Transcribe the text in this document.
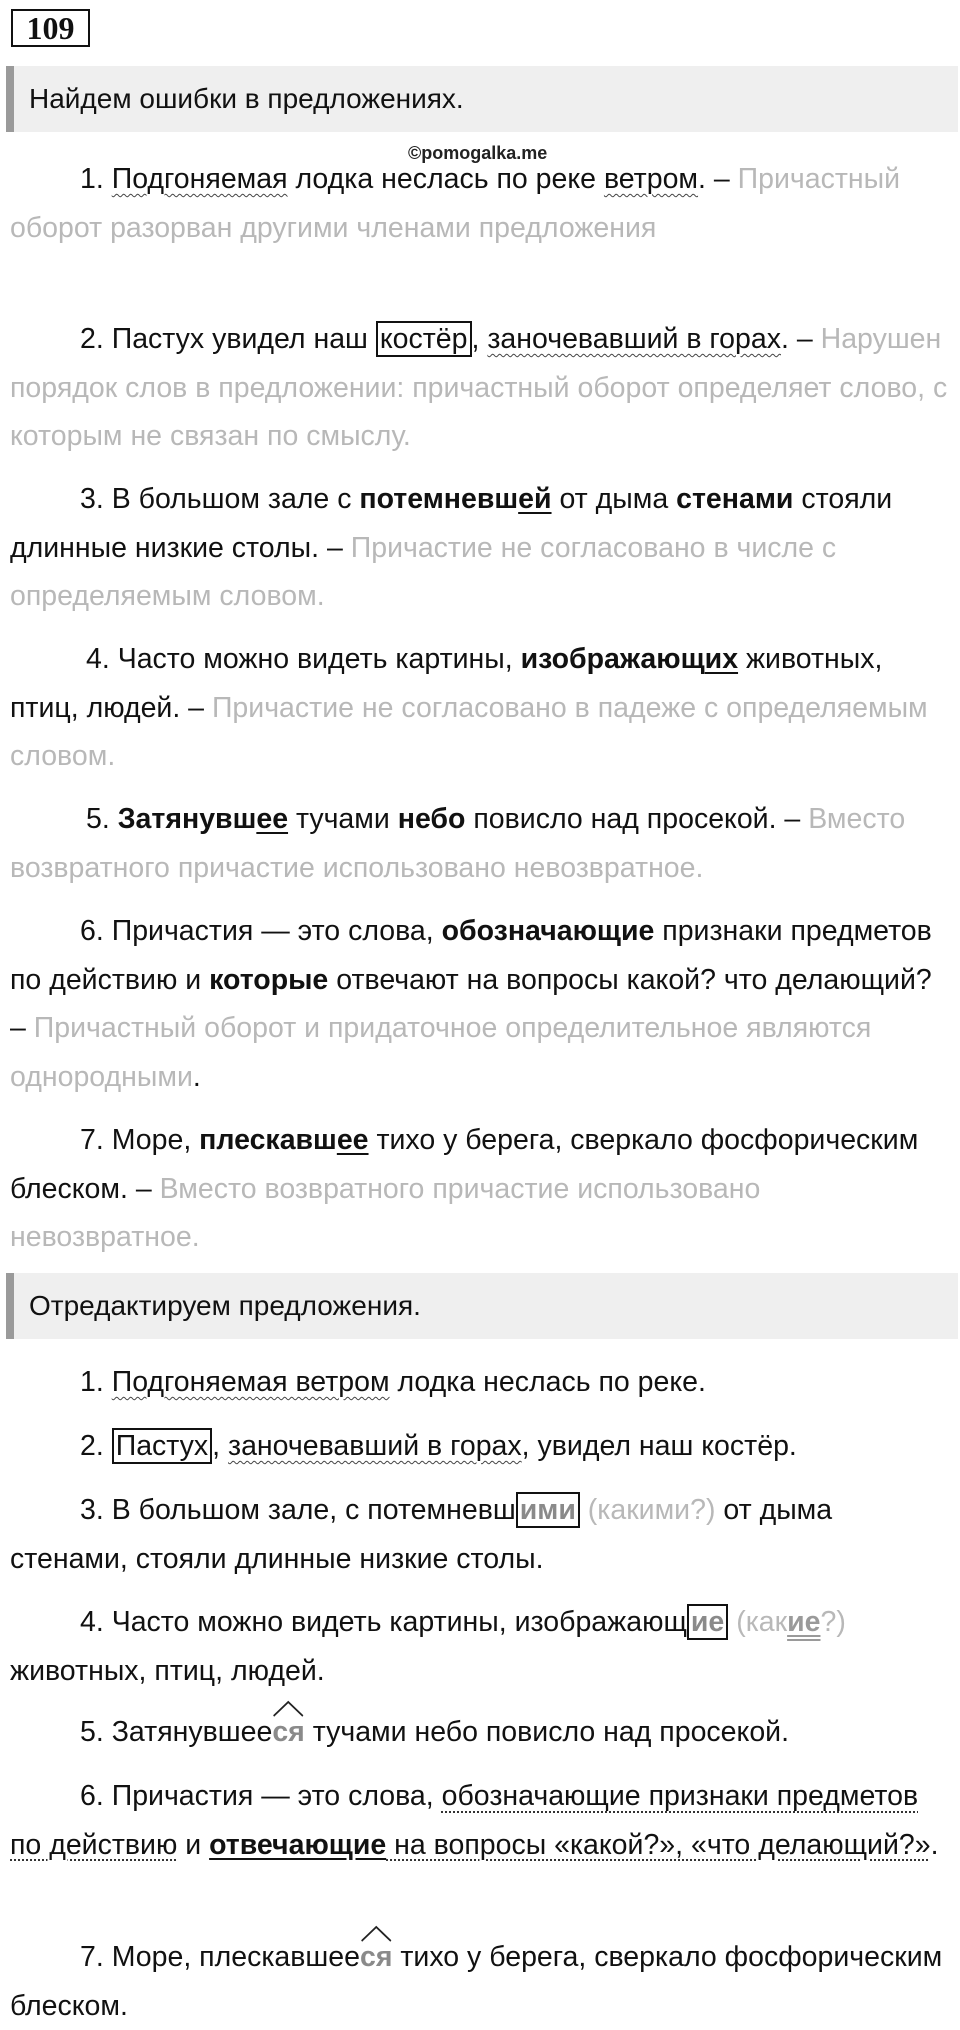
109
Найдем ошибки в предложениях.
©pomogalka.me

1. Подгоняемая лодка неслась по реке ветром. – Причастный оборот разорван другими членами предложения

2. Пастух увидел наш костёр , заночевавший в горах. – Нарушен порядок слов в предложении: причастный оборот определяет слово, с которым не связан по смыслу.

3. В большом зале с потемневшей от дыма стенами стояли длинные низкие столы. – Причастие не согласовано в числе с определяемым словом.

4. Часто можно видеть картины, изображающих животных, птиц, людей. – Причастие не согласовано в падеже с определяемым словом.

5. Затянувшее тучами небо повисло над просекой. – Вместо возвратного причастие использовано невозвратное.

6. Причастия — это слова, обозначающие признаки предметов по действию и которые отвечают на вопросы какой? что делающий? – Причастный оборот и придаточное определительное являются однородными.

7. Море, плескавшее тихо у берега, сверкало фосфорическим блеском. – Вместо возвратного причастие использовано невозвратное.

Отредактируем предложения.

1. Подгоняемая ветром лодка неслась по реке.

2. Пастух , заночевавший в горах, увидел наш костёр.

3. В большом зале, с потемневш ими (какими?) от дыма стенами, стояли длинные низкие столы.

4. Часто можно видеть картины, изображающ ие (какие?) животных, птиц, людей.

5. Затянувшее
ся тучами небо повисло над просекой.

6. Причастия — это слова, обозначающие признаки предметов по действию и отвечающие на вопросы «какой?», «что делающий?».

7. Море, плескавшее
ся тихо у берега, сверкало фосфорическим блеском.
